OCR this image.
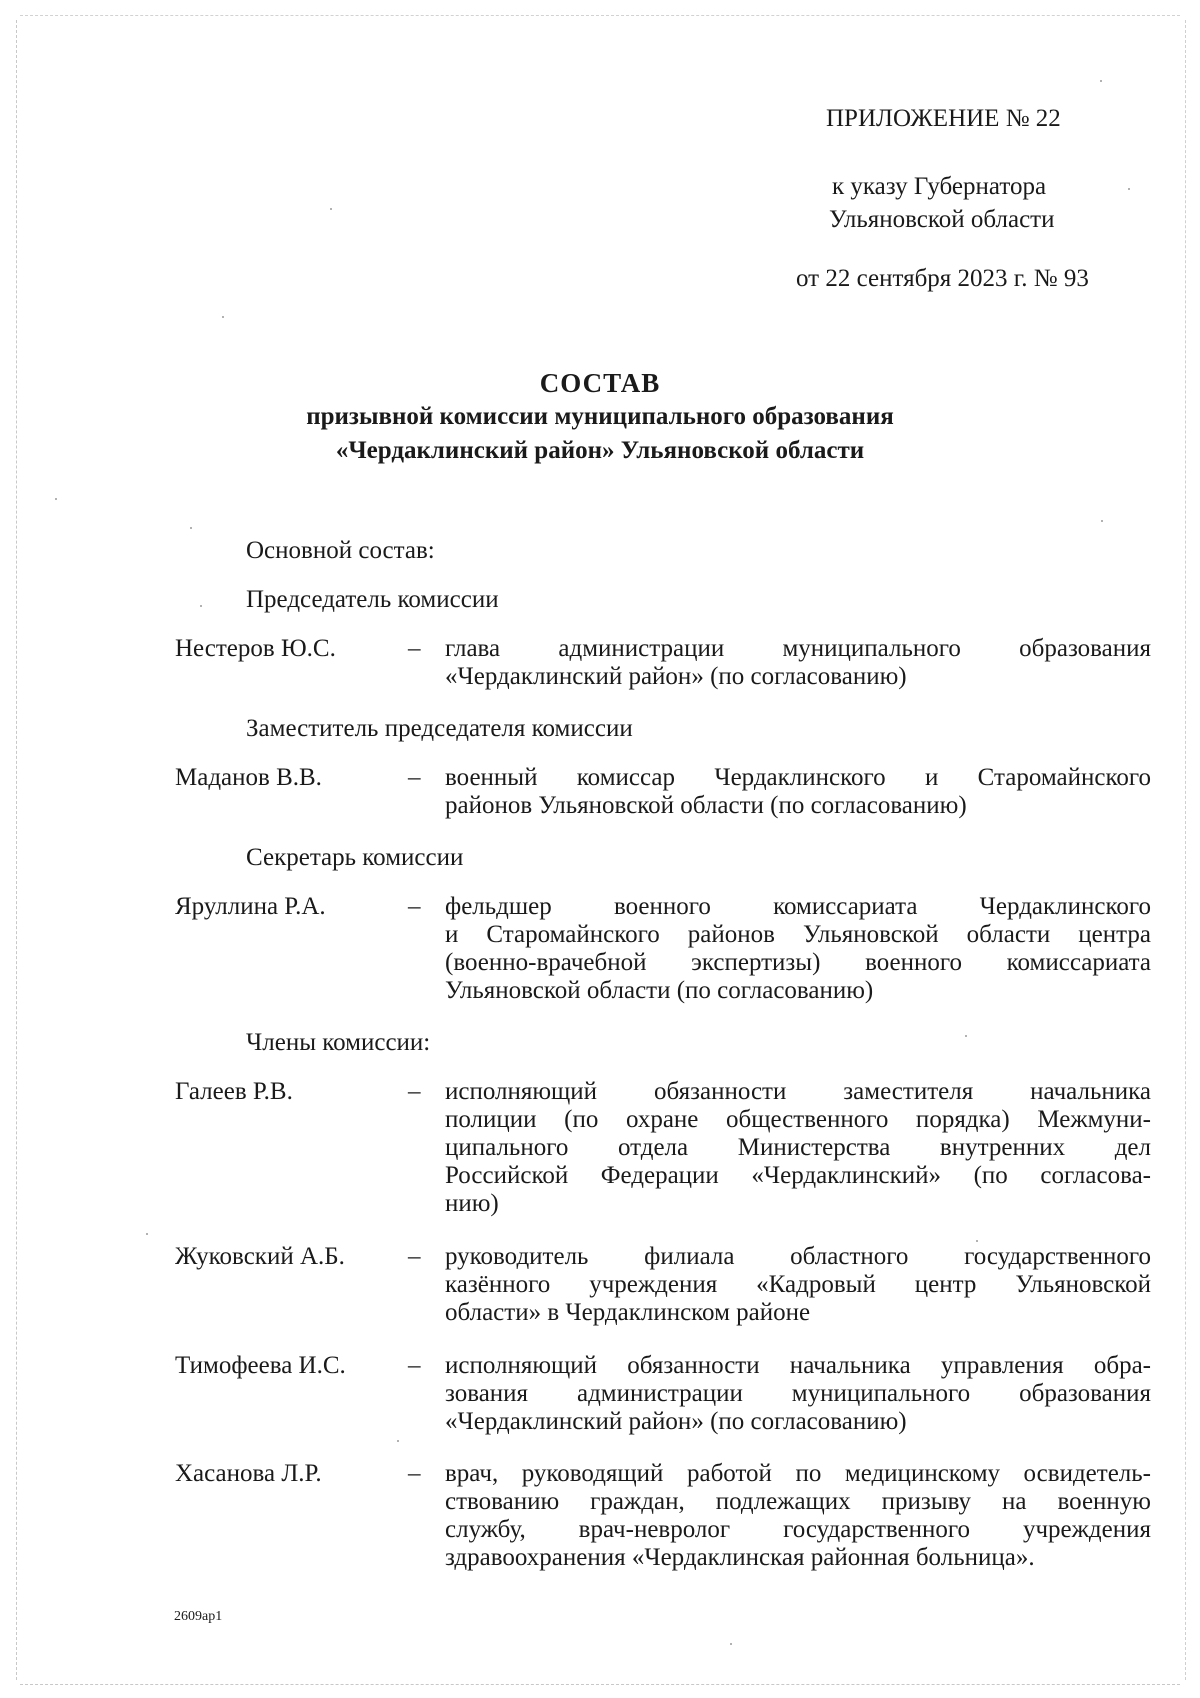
ПРИЛОЖЕНИЕ № 22
к указу Губернатора
Ульяновской области
от 22 сентября 2023 г. № 93
СОСТАВ
призывной комиссии муниципального образования
«Чердаклинский район» Ульяновской области
Основной состав:
Председатель комиссии
Нестеров Ю.С.	– глава администрации муниципального образования
«Чердаклинский район» (по согласованию)
Заместитель председателя комиссии
Маданов В.В.	– военный комиссар Чердаклинского и Старомайнского
районов Ульяновской области (по согласованию)
Секретарь комиссии
Яруллина Р.А.	– фельдшер военного комиссариата Чердаклинского
и Старомайнского районов Ульяновской области центра
(военно-врачебной экспертизы) военного комиссариата
Ульяновской области (по согласованию)
Члены комиссии:
Галеев Р.В.	– исполняющий обязанности заместителя начальника
полиции (по охране общественного порядка) Межмуни-
ципального отдела Министерства внутренних дел
Российской Федерации «Чердаклинский» (по согласова-
нию)
Жуковский А.Б.	– руководитель филиала областного государственного
казённого учреждения «Кадровый центр Ульяновской
области» в Чердаклинском районе
Тимофеева И.С. – исполняющий обязанности начальника управления обра-
зования администрации муниципального образования
«Чердаклинский район» (по согласованию)
Хасанова Л.Р.	– врач, руководящий работой по медицинскому освидетель-
ствованию граждан, подлежащих призыву на военную
службу, врач-невролог государственного учреждения
здравоохранения «Чердаклинская районная больница».
2609ар1
